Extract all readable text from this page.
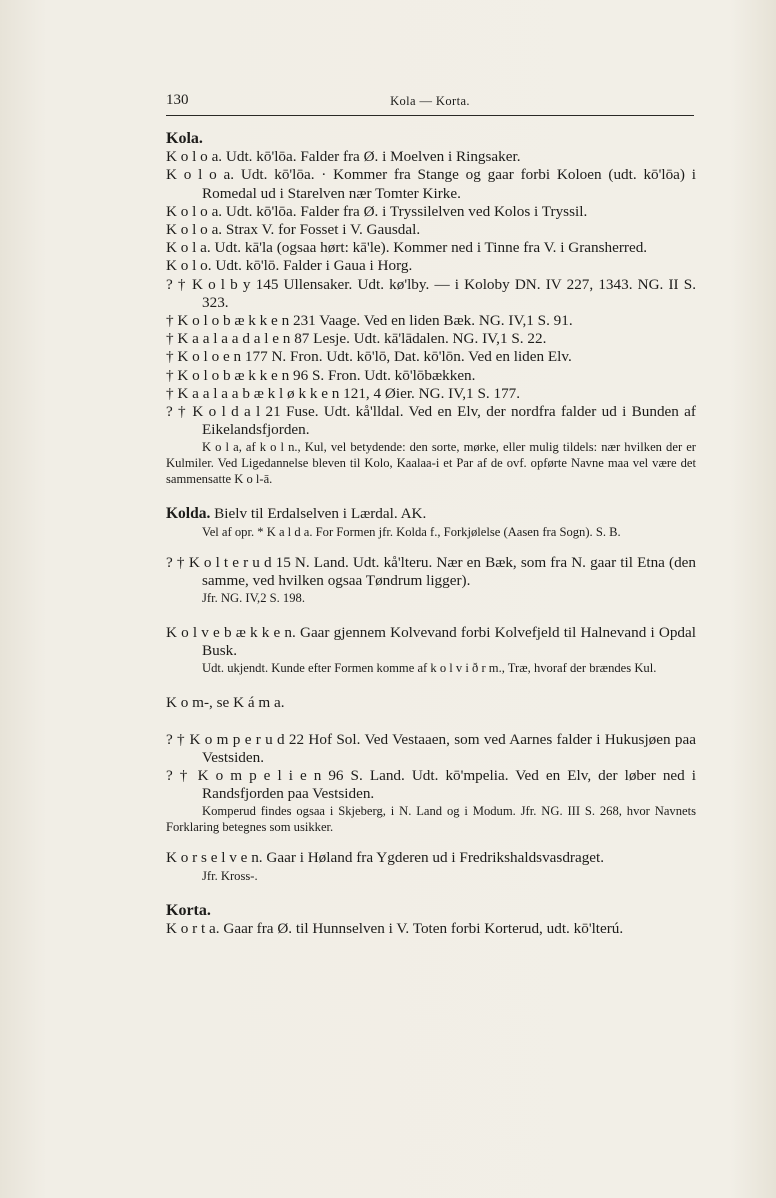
130	Kola — Korta.

Kola.

K o l o a. Udt. kō'lōa. Falder fra Ø. i Moelven i Ringsaker.

K o l o a. Udt. kō'lōa. · Kommer fra Stange og gaar forbi Koloen (udt. kō'lōa) i Romedal ud i Starelven nær Tomter Kirke.

K o l o a. Udt. kō'lōa. Falder fra Ø. i Tryssilelven ved Kolos i Tryssil.

K o l o a. Strax V. for Fosset i V. Gausdal.

K o l a. Udt. kā'la (ogsaa hørt: kā'le). Kommer ned i Tinne fra V. i Gransherred.

K o l o. Udt. kō'lō. Falder i Gaua i Horg.

? † K o l b y 145 Ullensaker. Udt. kø'lby. — i Koloby DN. IV 227, 1343. NG. II S. 323.

† K o l o b æ k k e n 231 Vaage. Ved en liden Bæk. NG. IV,1 S. 91.

† K a a l a a d a l e n 87 Lesje. Udt. kā'lādalen. NG. IV,1 S. 22.

† K o l o e n 177 N. Fron. Udt. kō'lō, Dat. kō'lōn. Ved en liden Elv.

† K o l o b æ k k e n 96 S. Fron. Udt. kō'lōbækken.

† K a a l a a b æ k l ø k k e n 121, 4 Øier. NG. IV,1 S. 177.

? † K o l d a l 21 Fuse. Udt. kå'lldal. Ved en Elv, der nordfra falder ud i Bunden af Eikelandsfjorden.

K o l a, af k o l n., Kul, vel betydende: den sorte, mørke, eller mulig tildels: nær hvilken der er Kulmiler. Ved Ligedannelse bleven til Kolo, Kaalaa-i et Par af de ovf. opførte Navne maa vel være det sammensatte K o l-ā.

Kolda. Bielv til Erdalselven i Lærdal. AK.

Vel af opr. * K a l d a. For Formen jfr. Kolda f., Forkjølelse (Aasen fra Sogn). S. B.

? † K o l t e r u d 15 N. Land. Udt. kå'lteru. Nær en Bæk, som fra N. gaar til Etna (den samme, ved hvilken ogsaa Tøndrum ligger).

Jfr. NG. IV,2 S. 198.

K o l v e b æ k k e n. Gaar gjennem Kolvevand forbi Kolvefjeld til Halnevand i Opdal Busk.

Udt. ukjendt. Kunde efter Formen komme af k o l v i ð r m., Træ, hvoraf der brændes Kul.

K o m-, se K á m a.

? † K o m p e r u d 22 Hof Sol. Ved Vestaaen, som ved Aarnes falder i Hukusjøen paa Vestsiden.

? † K o m p e l i e n 96 S. Land. Udt. kō'mpelia. Ved en Elv, der løber ned i Randsfjorden paa Vestsiden.

Komperud findes ogsaa i Skjeberg, i N. Land og i Modum. Jfr. NG. III S. 268, hvor Navnets Forklaring betegnes som usikker.

K o r s e l v e n. Gaar i Høland fra Ygderen ud i Fredrikshaldsvasdraget.

Jfr. Kross-.

Korta.

K o r t a. Gaar fra Ø. til Hunnselven i V. Toten forbi Korterud, udt. kō'lterú.
